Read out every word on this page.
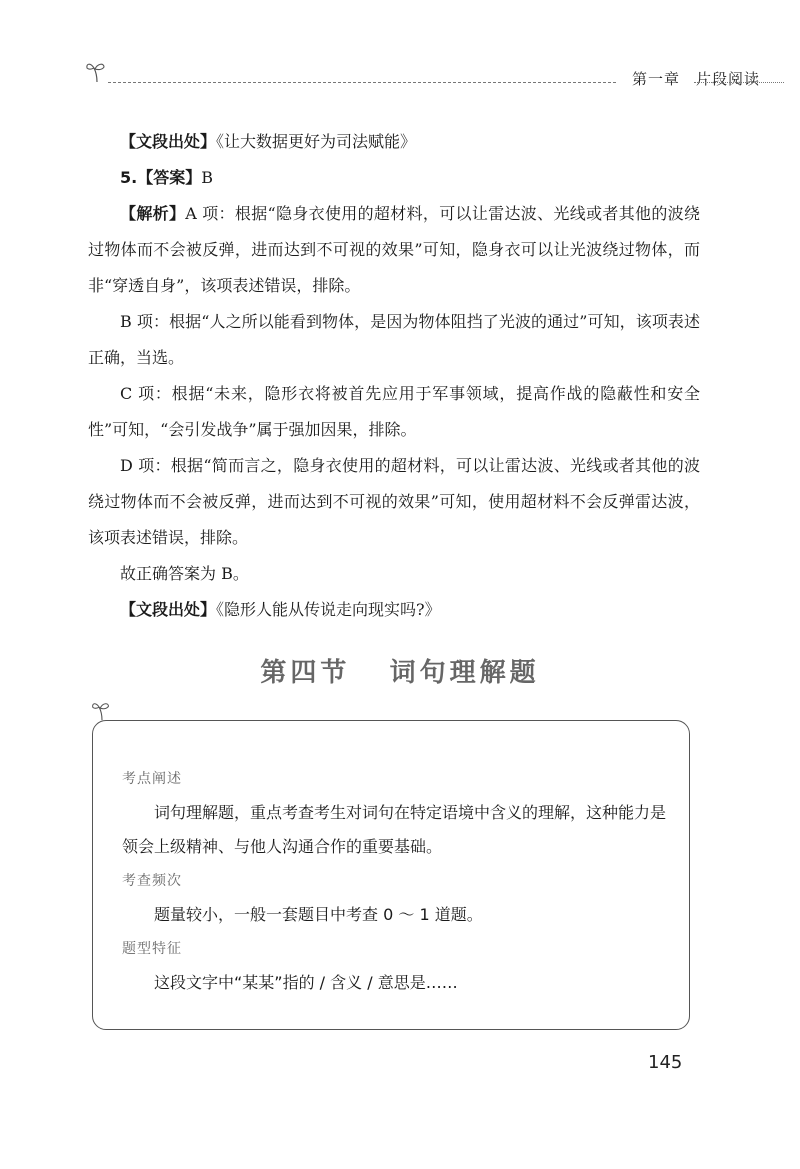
第一章　片段阅读

【文段出处】《让大数据更好为司法赋能》

5.【答案】B

【解析】A 项：根据“隐身衣使用的超材料，可以让雷达波、光线或者其他的波绕过物体而不会被反弹，进而达到不可视的效果”可知，隐身衣可以让光波绕过物体，而非“穿透自身”，该项表述错误，排除。

B 项：根据“人之所以能看到物体，是因为物体阻挡了光波的通过”可知，该项表述正确，当选。

C 项：根据“未来，隐形衣将被首先应用于军事领域，提高作战的隐蔽性和安全性”可知，“会引发战争”属于强加因果，排除。

D 项：根据“简而言之，隐身衣使用的超材料，可以让雷达波、光线或者其他的波绕过物体而不会被反弹，进而达到不可视的效果”可知，使用超材料不会反弹雷达波，该项表述错误，排除。

故正确答案为 B。

【文段出处】《隐形人能从传说走向现实吗?》

第四节 词句理解题

考点阐述

词句理解题，重点考查考生对词句在特定语境中含义的理解，这种能力是领会上级精神、与他人沟通合作的重要基础。

考查频次

题量较小，一般一套题目中考查 0 ～ 1 道题。

题型特征

这段文字中“某某”指的 / 含义 / 意思是……

145
